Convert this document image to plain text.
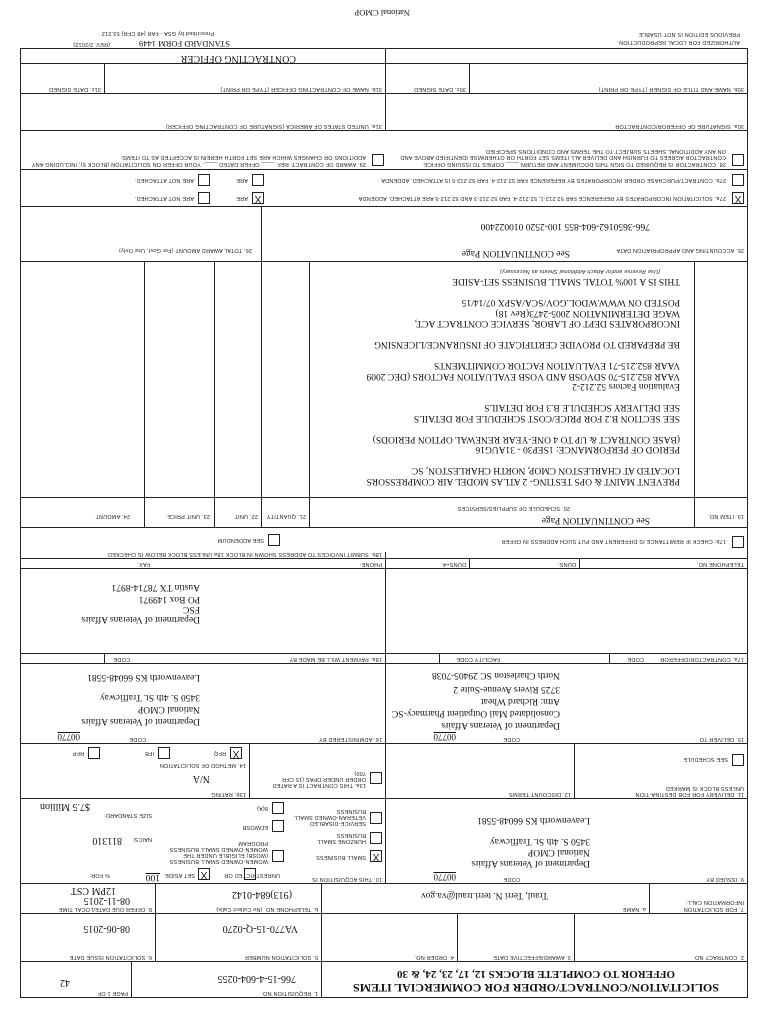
SOLICITATION/CONTRACT/ORDER FOR COMMERCIAL ITEMS
OFFEROR TO COMPLETE BLOCKS 12, 17, 23, 24, & 30
1. REQUISITION NO.
766-15-4-604-0255
PAGE 1 OF
42
2. CONTRACT NO.
3. AWARD/EFFECTIVE DATE
4. ORDER NO.
5. SOLICITATION NUMBER
VA770-15-Q-0270
6. SOLICITATION ISSUE DATE
08-06-2015
7. FOR SOLICITATION INFORMATION CALL:
a. NAME
Traul, Terri N. terri.traul@va.gov
b. TELEPHONE NO. (No Collect Calls)
(913)684-0142
8. OFFER DUE DATE/LOCAL TIME
08-11-2015
12PM CST
9. ISSUED BY
CODE
00770
Department of Veterans Affairs
National CMOP
3450 S. 4th St. Trafficway
Leavenworth KS 66048-5581
10. THIS ACQUISITION IS
UNRESTRICTED OR
X
SET ASIDE:
100
% FOR:
X
SMALL BUSINESS
HUBZONE SMALL BUSINESS
SERVICE-DISABLED VETERAN-OWNED SMALL BUSINESS
WOMEN-OWNED SMALL BUSINESS (WOSB) ELIGIBLE UNDER THE WOMEN-OWNED SMALL BUSINESS PROGRAM
EDWOSB
8(A)
NAICS:
811310
SIZE STANDARD:
$7.5 Million
11. DELIVERY FOR FOB DESTINA-TION UNLESS BLOCK IS MARKED
SEE SCHEDULE
12. DISCOUNT TERMS
13a. THIS CONTRACT IS A RATED ORDER UNDER DPAS (15 CFR 700)
13b. RATING
N/A
14. METHOD OF SOLICITATION
X
RFQ
IFB
RFP
15. DELIVER TO
CODE
00770
Department of Veterans Affairs
Consolidated Mail Outpatient Pharmacy-SC
Attn: Richard Wheat
3725 Rivers Avenue-Suite 2
North Charleston SC 29405-7038
16. ADMINISTERED BY
CODE
00770
Department of Veterans Affairs
National CMOP
3450 S. 4th St. Trafficway
Leavenworth KS 66048-5581
17a. CONTRACTOR/OFFEROR
CODE
FACILITY CODE
18a. PAYMENT WILL BE MADE BY
CODE
Department of Veterans Affairs
FSC
PO Box 149971
Austin TX 78714-8971
TELEPHONE NO.
DUNS:
DUNS+4:
PHONE:
FAX:
17b. CHECK IF REMITTANCE IS DIFFERENT AND PUT SUCH ADDRESS IN OFFER
18b. SUBMIT INVOICES TO ADDRESS SHOWN IN BLOCK 18a UNLESS BLOCK BELOW IS CHECKED
SEE ADDENDUM
19. ITEM NO.
20. SCHEDULE OF SUPPLIES/SERVICES
See CONTINUATION Page
21. QUANTITY
22. UNIT
23. UNIT PRICE
24. AMOUNT
PREVENT MAINT & OPS TESTING- 2 ATLAS MODEL AIR COMPRESSORS
LOCATED AT CHARLESTON CMOP, NORTH CHARLESTON, SC
PERIOD OF PERFORMANCE: 1SEP30 - 31AUG16
(BASE CONTRACT & UP TO 4 ONE-YEAR RENEWAL OPTION PERIODS)
SEE SECTION B.2 FOR PRICE/COST SCHEDULE FOR DETAILS
SEE DELIVERY SCHEDULE B.3 FOR DETAILS
Evaluation Factors 52.212-2
VAAR 852.215-70 SDVOSB AND VOSB EVALUATION FACTORS (DEC 2009
VAAR 852.215-71 EVALUATION FACTOR COMMITMENTS
BE PREPARED TO PROVIDE CERTIFICATE OF INSURANCE/LICENSING
INCORPORATES DEPT OF LABOR, SERVICE CONTRACT ACT,
WAGE DETERMINATION 2005-2473(Rev 18)
POSTED ON WWW.WDOL.GOV/SCA/ASPX 07/14/15
THIS IS A 100% TOTAL SMALL BUSINESS SET-ASIDE
(Use Reverse and/or Attach Additional Sheets as Necessary)
25. ACCOUNTING AND APPROPRIATION DATA
See CONTINUATION Page
766-3650162-604-855 100-2520 010022400
26. TOTAL AWARD AMOUNT (For Govt. Use Only)
X
27a. SOLICITATION INCORPORATES BY REFERENCE FAR 52.212-1, 52.212-4. FAR 52.212-3 AND 52.212-5 ARE ATTACHED. ADDENDA
X
ARE
ARE NOT ATTACHED.
27b. CONTRACT/PURCHASE ORDER INCORPORATES BY REFERENCE FAR 52.212-4. FAR 52.212-5 IS ATTACHED. ADDENDA
ARE
ARE NOT ATTACHED.
28. CONTRACTOR IS REQUIRED TO SIGN THIS DOCUMENT AND RETURN ____ COPIES TO ISSUING OFFICE. CONTRACTOR AGREES TO FURNISH AND DELIVER ALL ITEMS SET FORTH OR OTHERWISE IDENTIFIED ABOVE AND ON ANY ADDITIONAL SHEETS SUBJECT TO THE TERMS AND CONDITIONS SPECIFIED
29. AWARD OF CONTRACT: REF. ____ OFFER DATED ____. YOUR OFFER ON SOLICITATION (BLOCK 5), INCLUDING ANY ADDITIONS OR CHANGES WHICH ARE SET FORTH HEREIN IS ACCEPTED AS TO ITEMS:
30a. SIGNATURE OF OFFEROR/CONTRACTOR
31a. UNITED STATES OF AMERICA (SIGNATURE OF CONTRACTING OFFICER)
30b. NAME AND TITLE OF SIGNER (TYPE OR PRINT)
30c. DATE SIGNED
31b. NAME OF CONTRACTING OFFICER (TYPE OR PRINT)
31c. DATE SIGNED
CONTRACTING OFFICER
AUTHORIZED FOR LOCAL REPRODUCTION
PREVIOUS EDITION IS NOT USABLE
STANDARD FORM 1449
(REV. 2/2012)
Prescribed by GSA - FAR (48 CFR) 53.212
National CMOP
